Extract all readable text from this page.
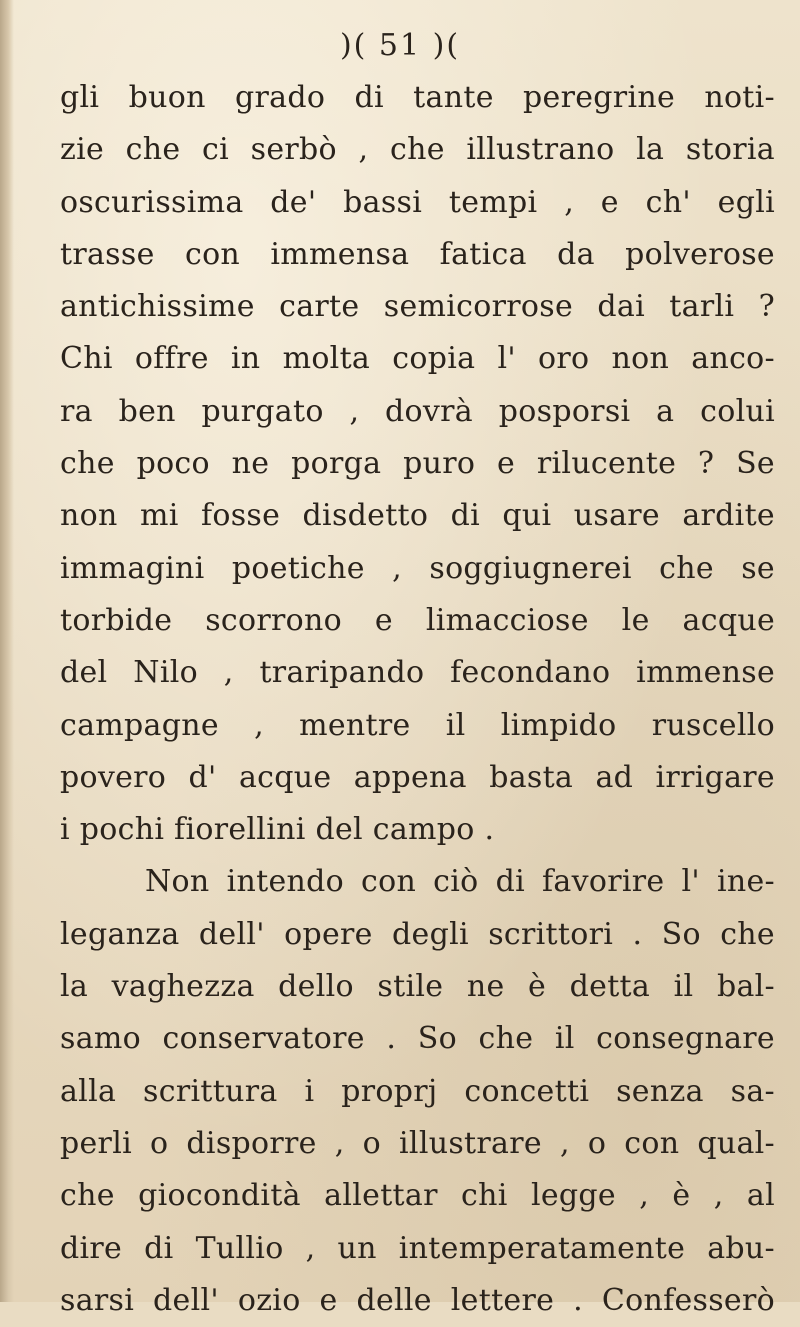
)( 51 )(
gli buon grado di tante peregrine noti-
zie che ci serbò , che illustrano la storia
oscurissima de' bassi tempi , e ch' egli
trasse con immensa fatica da polverose
antichissime carte semicorrose dai tarli ?
Chi offre in molta copia l' oro non anco-
ra ben purgato , dovrà posporsi a colui
che poco ne porga puro e rilucente ? Se
non mi fosse disdetto di qui usare ardite
immagini poetiche , soggiugnerei che se
torbide scorrono e limacciose le acque
del Nilo , traripando fecondano immense
campagne , mentre il limpido ruscello
povero d' acque appena basta ad irrigare
i pochi fiorellini del campo .
Non intendo con ciò di favorire l' ine-
leganza dell' opere degli scrittori . So che
la vaghezza dello stile ne è detta il bal-
samo conservatore . So che il consegnare
alla scrittura i proprj concetti senza sa-
perli o disporre , o illustrare , o con qual-
che giocondità allettar chi legge , è , al
dire di Tullio , un intemperatamente abu-
sarsi dell' ozio e delle lettere . Confesserò
